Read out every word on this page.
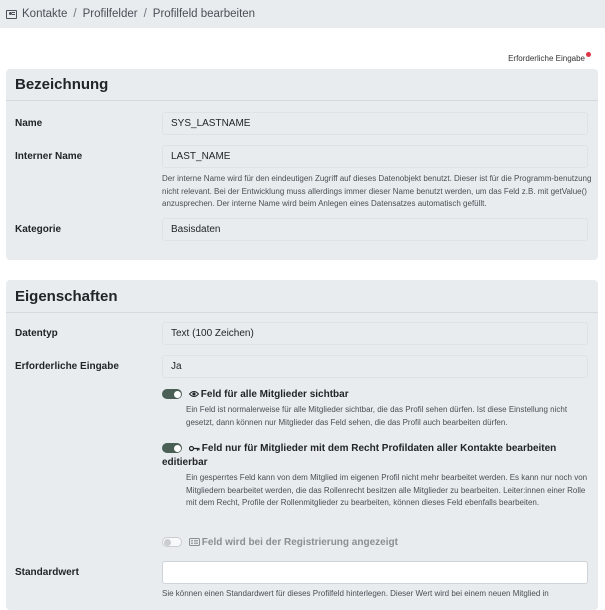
Kontakte / Profilfelder / Profilfeld bearbeiten
Erforderliche Eingabe
Bezeichnung
Name	SYS_LASTNAME
Interner Name	LAST_NAME
Der interne Name wird für den eindeutigen Zugriff auf dieses Datenobjekt benutzt. Dieser ist für die Programm-benutzung nicht relevant. Bei der Entwicklung muss allerdings immer dieser Name benutzt werden, um das Feld z.B. mit getValue() anzusprechen. Der interne Name wird beim Anlegen eines Datensatzes automatisch gefüllt.
Kategorie	Basisdaten
Eigenschaften
Datentyp	Text (100 Zeichen)
Erforderliche Eingabe	Ja
Feld für alle Mitglieder sichtbar
Ein Feld ist normalerweise für alle Mitglieder sichtbar, die das Profil sehen dürfen. Ist diese Einstellung nicht gesetzt, dann können nur Mitglieder das Feld sehen, die das Profil auch bearbeiten dürfen.
Feld nur für Mitglieder mit dem Recht Profildaten aller Kontakte bearbeiten
editierbar
Ein gesperrtes Feld kann von dem Mitglied im eigenen Profil nicht mehr bearbeitet werden. Es kann nur noch von Mitgliedern bearbeitet werden, die das Rollenrecht besitzen alle Mitglieder zu bearbeiten. Leiter:innen einer Rolle mit dem Recht, Profile der Rollenmitglieder zu bearbeiten, können dieses Feld ebenfalls bearbeiten.
Feld wird bei der Registrierung angezeigt
Standardwert
Sie können einen Standardwert für dieses Profilfeld hinterlegen. Dieser Wert wird bei einem neuen Mitglied in
